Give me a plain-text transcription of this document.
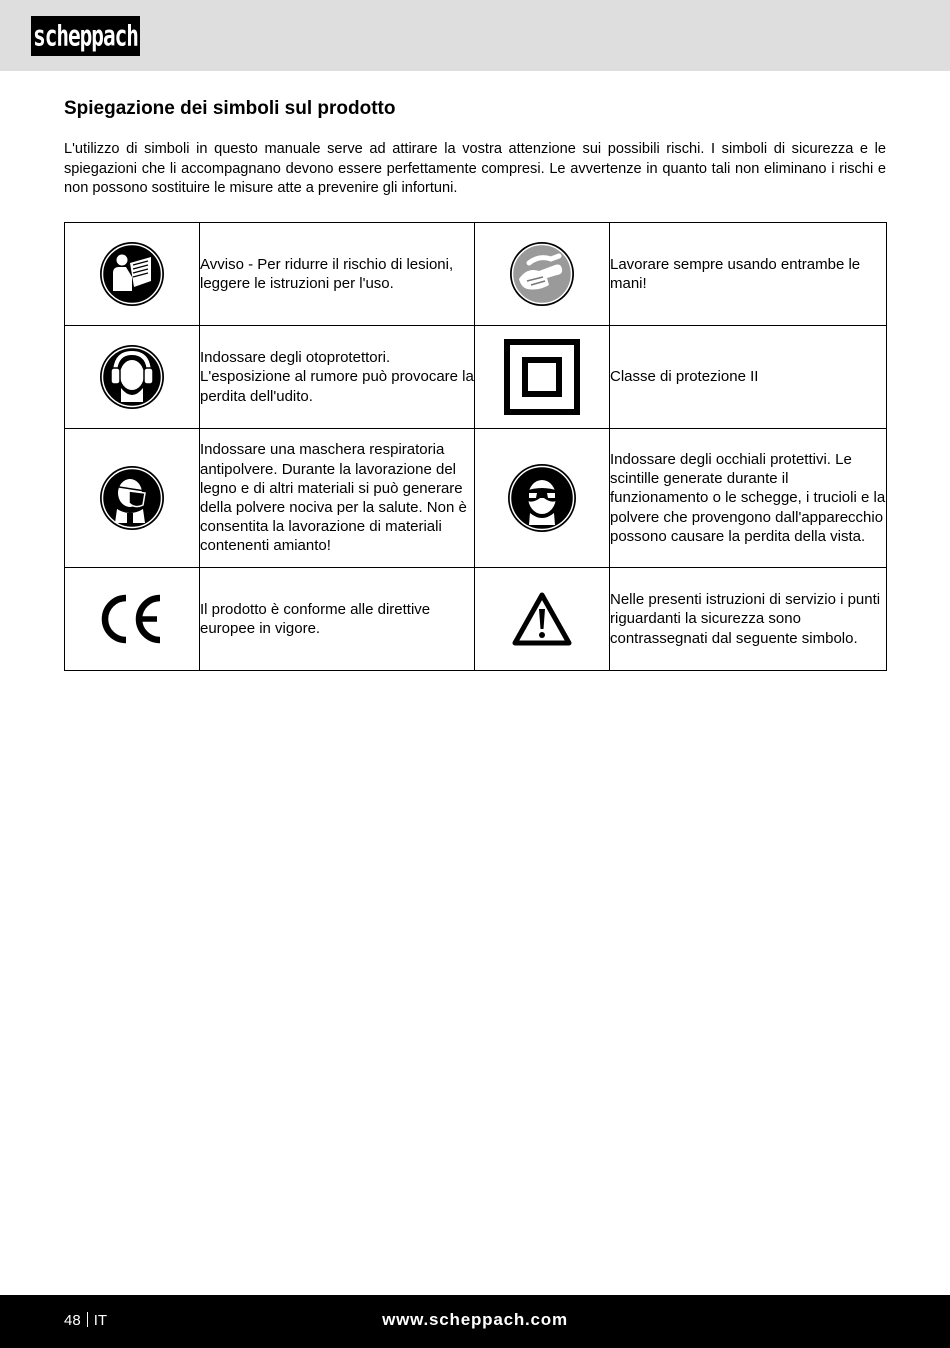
scheppach
Spiegazione dei simboli sul prodotto

L'utilizzo di simboli in questo manuale serve ad attirare la vostra attenzione sui possibili rischi. I simboli di sicurezza e le spiegazioni che li accompagnano devono essere perfettamente compresi. Le avvertenze in quanto tali non eliminano i rischi e non possono sostituire le misure atte a prevenire gli infortuni.

	Avviso - Per ridurre il rischio di lesioni, leggere le istruzioni per l'uso.		Lavorare sempre usando entrambe le mani!

	Indossare degli otoprotettori. L'esposizione al rumore può provocare la perdita dell'udito.		Classe di protezione II

	Indossare una maschera respiratoria antipolvere. Durante la lavorazione del legno e di altri materiali si può generare della polvere nociva per la salute. Non è consentita la lavorazione di materiali contenenti amianto!		Indossare degli occhiali protettivi. Le scintille generate durante il funzionamento o le schegge, i trucioli e la polvere che provengono dall'apparecchio possono causare la perdita della vista.

	Il prodotto è conforme alle direttive europee in vigore.		Nelle presenti istruzioni di servizio i punti riguardanti la sicurezza sono contrassegnati dal seguente simbolo.
48 IT	www.scheppach.com
